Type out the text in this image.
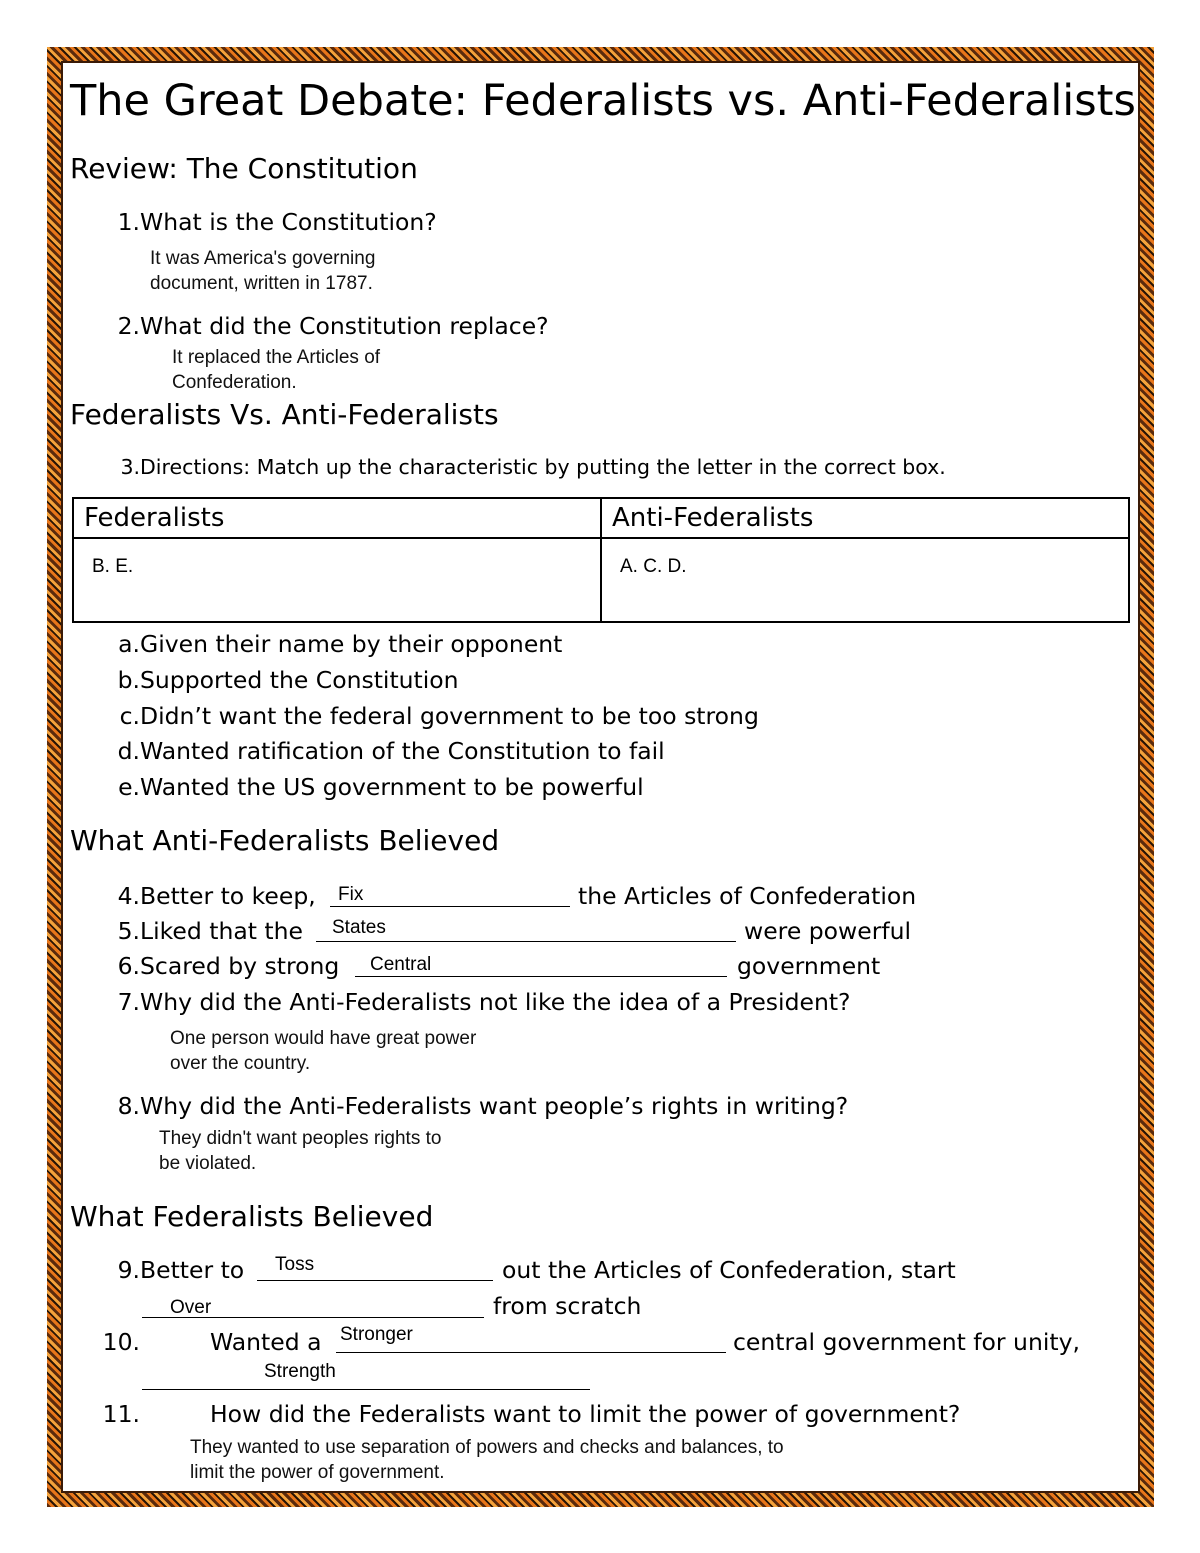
The Great Debate: Federalists vs. Anti-Federalists
Review: The Constitution
1. What is the Constitution?
It was America's governing
document, written in 1787.
2. What did the Constitution replace?
It replaced the Articles of
Confederation.
Federalists Vs. Anti-Federalists
3. Directions: Match up the characteristic by putting the letter in the correct box.
Federalists	Anti-Federalists
B. E.	A. C. D.
a. Given their name by their opponent
b. Supported the Constitution
c. Didn’t want the federal government to be too strong
d. Wanted ratification of the Constitution to fail
e. Wanted the US government to be powerful
What Anti-Federalists Believed
4. Better to keep,	the Articles of Confederation
Fix
5. Liked that the	were powerful
States
6. Scared by strong	government
Central
7. Why did the Anti-Federalists not like the idea of a President?
One person would have great power
over the country.
8. Why did the Anti-Federalists want people’s rights in writing?
They didn't want peoples rights to
be violated.
What Federalists Believed
9. Better to	out the Articles of Confederation, start
Toss
Over	from scratch
10.	Wanted a	central government for unity,
Stronger
Strength
11.	How did the Federalists want to limit the power of government?
They wanted to use separation of powers and checks and balances, to
limit the power of government.
